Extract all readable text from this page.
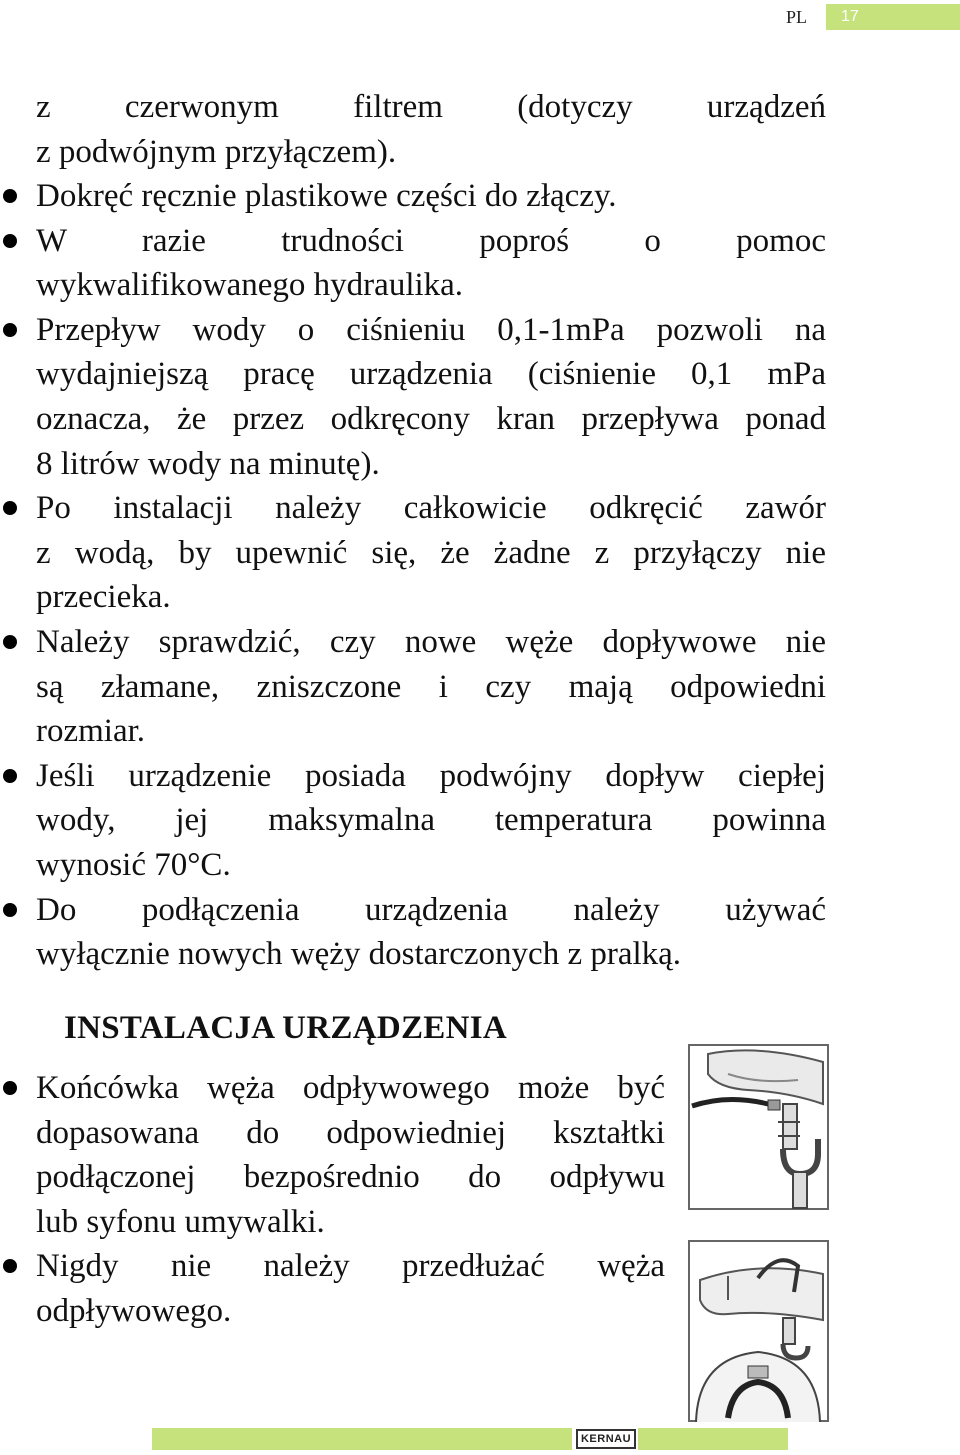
PL	17
z czerwonym filtrem (dotyczy urządzeń
z podwójnym przyłączem).
Dokręć ręcznie plastikowe części do złączy.
W razie trudności poproś o pomoc
wykwalifikowanego hydraulika.
Przepływ wody o ciśnieniu 0,1-1mPa pozwoli na
wydajniejszą pracę urządzenia (ciśnienie 0,1 mPa
oznacza, że przez odkręcony kran przepływa ponad
8 litrów wody na minutę).
Po instalacji należy całkowicie odkręcić zawór
z wodą, by upewnić się, że żadne z przyłączy nie
przecieka.
Należy sprawdzić, czy nowe węże dopływowe nie
są złamane, zniszczone i czy mają odpowiedni
rozmiar.
Jeśli urządzenie posiada podwójny dopływ ciepłej
wody, jej maksymalna temperatura powinna
wynosić 70°C.
Do podłączenia urządzenia należy używać
wyłącznie nowych węży dostarczonych z pralką.
INSTALACJA URZĄDZENIA
Końcówka węża odpływowego może być
dopasowana do odpowiedniej kształtki
podłączonej bezpośrednio do odpływu
lub syfonu umywalki.
Nigdy nie należy przedłużać węża
odpływowego.
KERNAU
